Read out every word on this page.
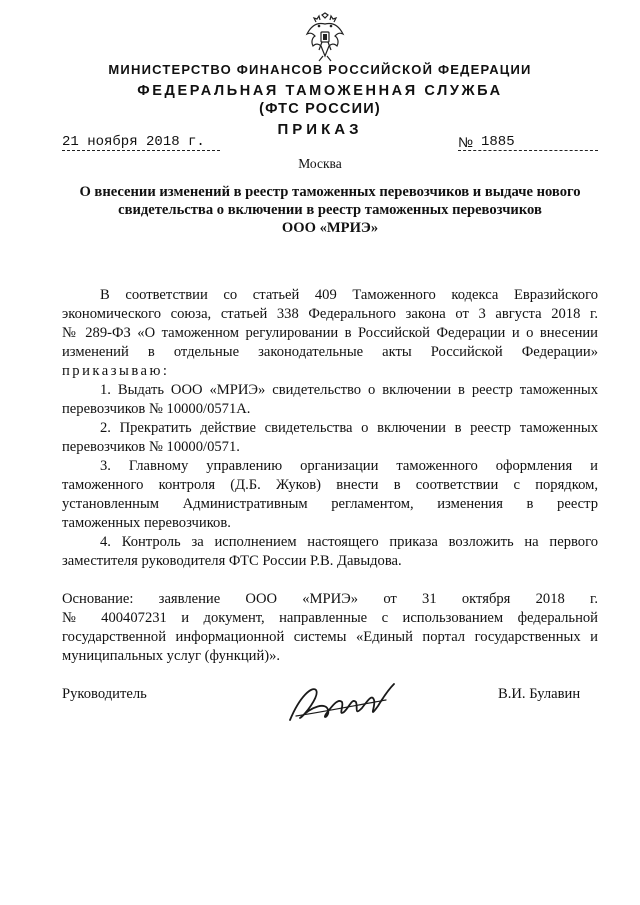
МИНИСТЕРСТВО ФИНАНСОВ РОССИЙСКОЙ ФЕДЕРАЦИИ
ФЕДЕРАЛЬНАЯ ТАМОЖЕННАЯ СЛУЖБА
(ФТС РОССИИ)
ПРИКАЗ
21 ноября 2018 г.	№ 1885
Москва
О внесении изменений в реестр таможенных перевозчиков и выдаче нового
свидетельства о включении в реестр таможенных перевозчиков
ООО «МРИЭ»
В соответствии со статьей 409 Таможенного кодекса Евразийского
экономического союза, статьей 338 Федерального закона от 3 августа 2018 г.
№ 289-ФЗ «О таможенном регулировании в Российской Федерации и о внесении
изменений в отдельные законодательные акты Российской Федерации»
приказываю:
1. Выдать ООО «МРИЭ» свидетельство о включении в реестр таможенных
перевозчиков № 10000/0571А.
2. Прекратить действие свидетельства о включении в реестр таможенных
перевозчиков № 10000/0571.
3. Главному управлению организации таможенного оформления и
таможенного контроля (Д.Б. Жуков) внести в соответствии с порядком,
установленным Административным регламентом, изменения в реестр
таможенных перевозчиков.
4. Контроль за исполнением настоящего приказа возложить на первого
заместителя руководителя ФТС России Р.В. Давыдова.
Основание: заявление ООО «МРИЭ» от 31 октября 2018 г.
№ 400407231 и документ, направленные с использованием федеральной
государственной информационной системы «Единый портал государственных и
муниципальных услуг (функций)».
Руководитель	В.И. Булавин
